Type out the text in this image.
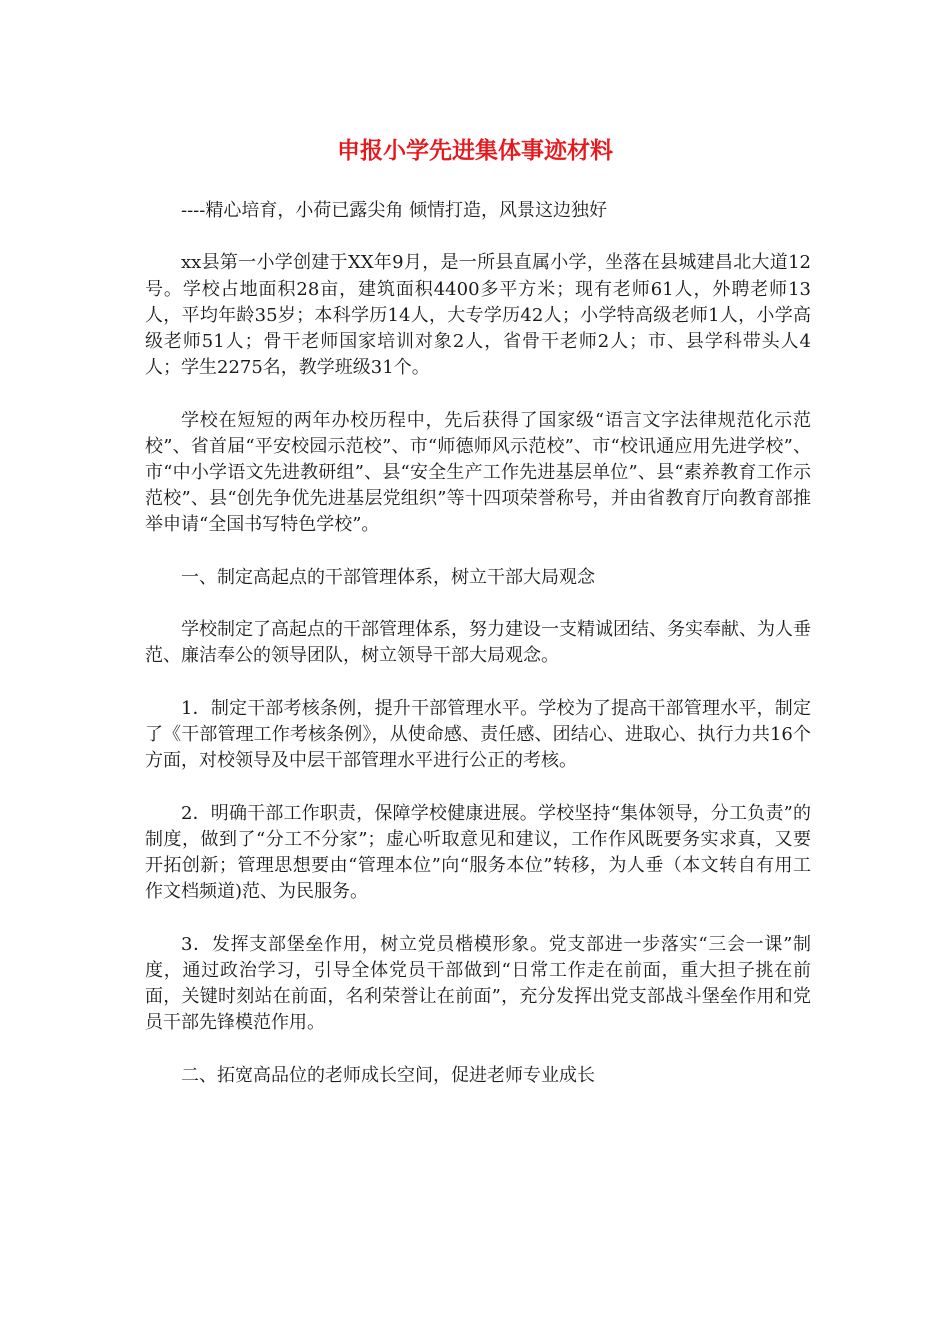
申报小学先进集体事迹材料

----精心培育，小荷已露尖角 倾情打造，风景这边独好

xx县第一小学创建于XX年9月，是一所县直属小学，坐落在县城建昌北大道12号。学校占地面积28亩，建筑面积4400多平方米；现有老师61人，外聘老师13人，平均年龄35岁；本科学历14人，大专学历42人；小学特高级老师1人，小学高级老师51人；骨干老师国家培训对象2人，省骨干老师2人；市、县学科带头人4人；学生2275名，教学班级31个。

学校在短短的两年办校历程中，先后获得了国家级“语言文字法律规范化示范校”、省首届“平安校园示范校”、市“师德师风示范校”、市“校讯通应用先进学校”、市“中小学语文先进教研组”、县“安全生产工作先进基层单位”、县“素养教育工作示范校”、县“创先争优先进基层党组织”等十四项荣誉称号，并由省教育厅向教育部推举申请“全国书写特色学校”。

一、制定高起点的干部管理体系，树立干部大局观念

学校制定了高起点的干部管理体系，努力建设一支精诚团结、务实奉献、为人垂范、廉洁奉公的领导团队，树立领导干部大局观念。

1．制定干部考核条例，提升干部管理水平。学校为了提高干部管理水平，制定了《干部管理工作考核条例》，从使命感、责任感、团结心、进取心、执行力共16个方面，对校领导及中层干部管理水平进行公正的考核。

2．明确干部工作职责，保障学校健康进展。学校坚持“集体领导，分工负责”的制度，做到了“分工不分家”；虚心听取意见和建议，工作作风既要务实求真，又要开拓创新；管理思想要由“管理本位”向“服务本位”转移，为人垂（本文转自有用工作文档频道)范、为民服务。

3．发挥支部堡垒作用，树立党员楷模形象。党支部进一步落实“三会一课”制度，通过政治学习，引导全体党员干部做到“日常工作走在前面，重大担子挑在前面，关键时刻站在前面，名利荣誉让在前面”，充分发挥出党支部战斗堡垒作用和党员干部先锋模范作用。

二、拓宽高品位的老师成长空间，促进老师专业成长
